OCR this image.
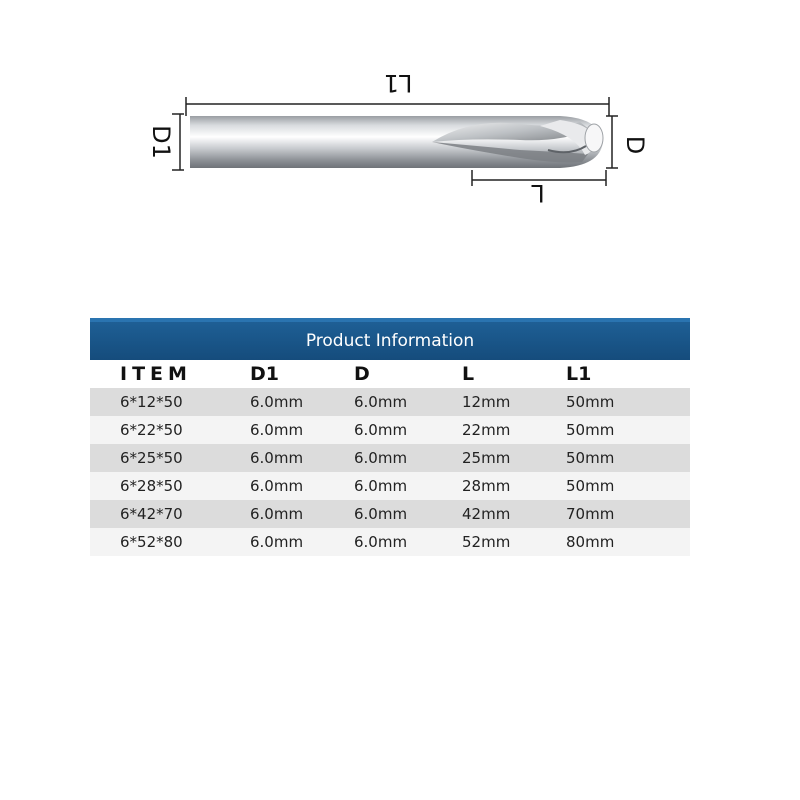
L1
D1	D
L
Product Information
ITEM	D1	D	L	L1
6*12*50	6.0mm	6.0mm	12mm	50mm
6*22*50	6.0mm	6.0mm	22mm	50mm
6*25*50	6.0mm	6.0mm	25mm	50mm
6*28*50	6.0mm	6.0mm	28mm	50mm
6*42*70	6.0mm	6.0mm	42mm	70mm
6*52*80	6.0mm	6.0mm	52mm	80mm
